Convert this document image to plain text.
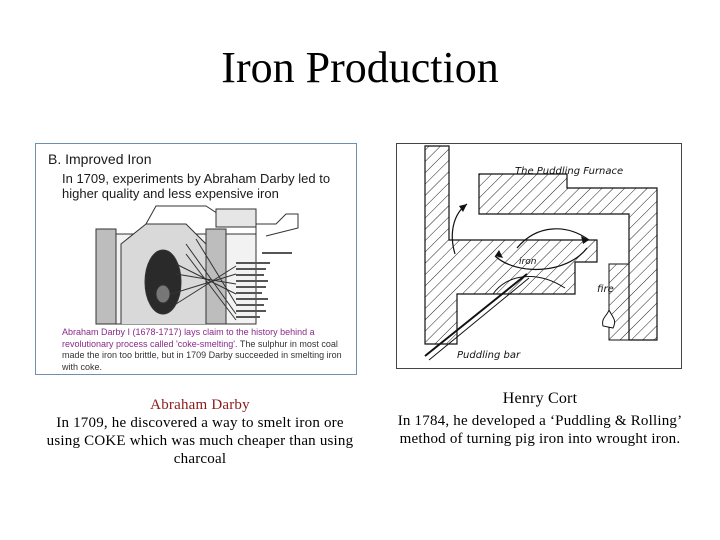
Iron Production
B. Improved Iron
In 1709, experiments by Abraham Darby led to higher quality and less expensive iron
Abraham Darby I (1678-1717) lays claim to the history behind a revolutionary process called 'coke-smelting'. The sulphur in most coal made the iron too brittle, but in 1709 Darby succeeded in smelting iron with coke.
The Puddling Furnace
iron
fire
Puddling bar
Abraham Darby
In 1709, he discovered a way to smelt iron ore using COKE which was much cheaper than using charcoal
Henry Cort
In 1784, he developed a ‘Puddling & Rolling’ method of turning pig iron into wrought iron.
